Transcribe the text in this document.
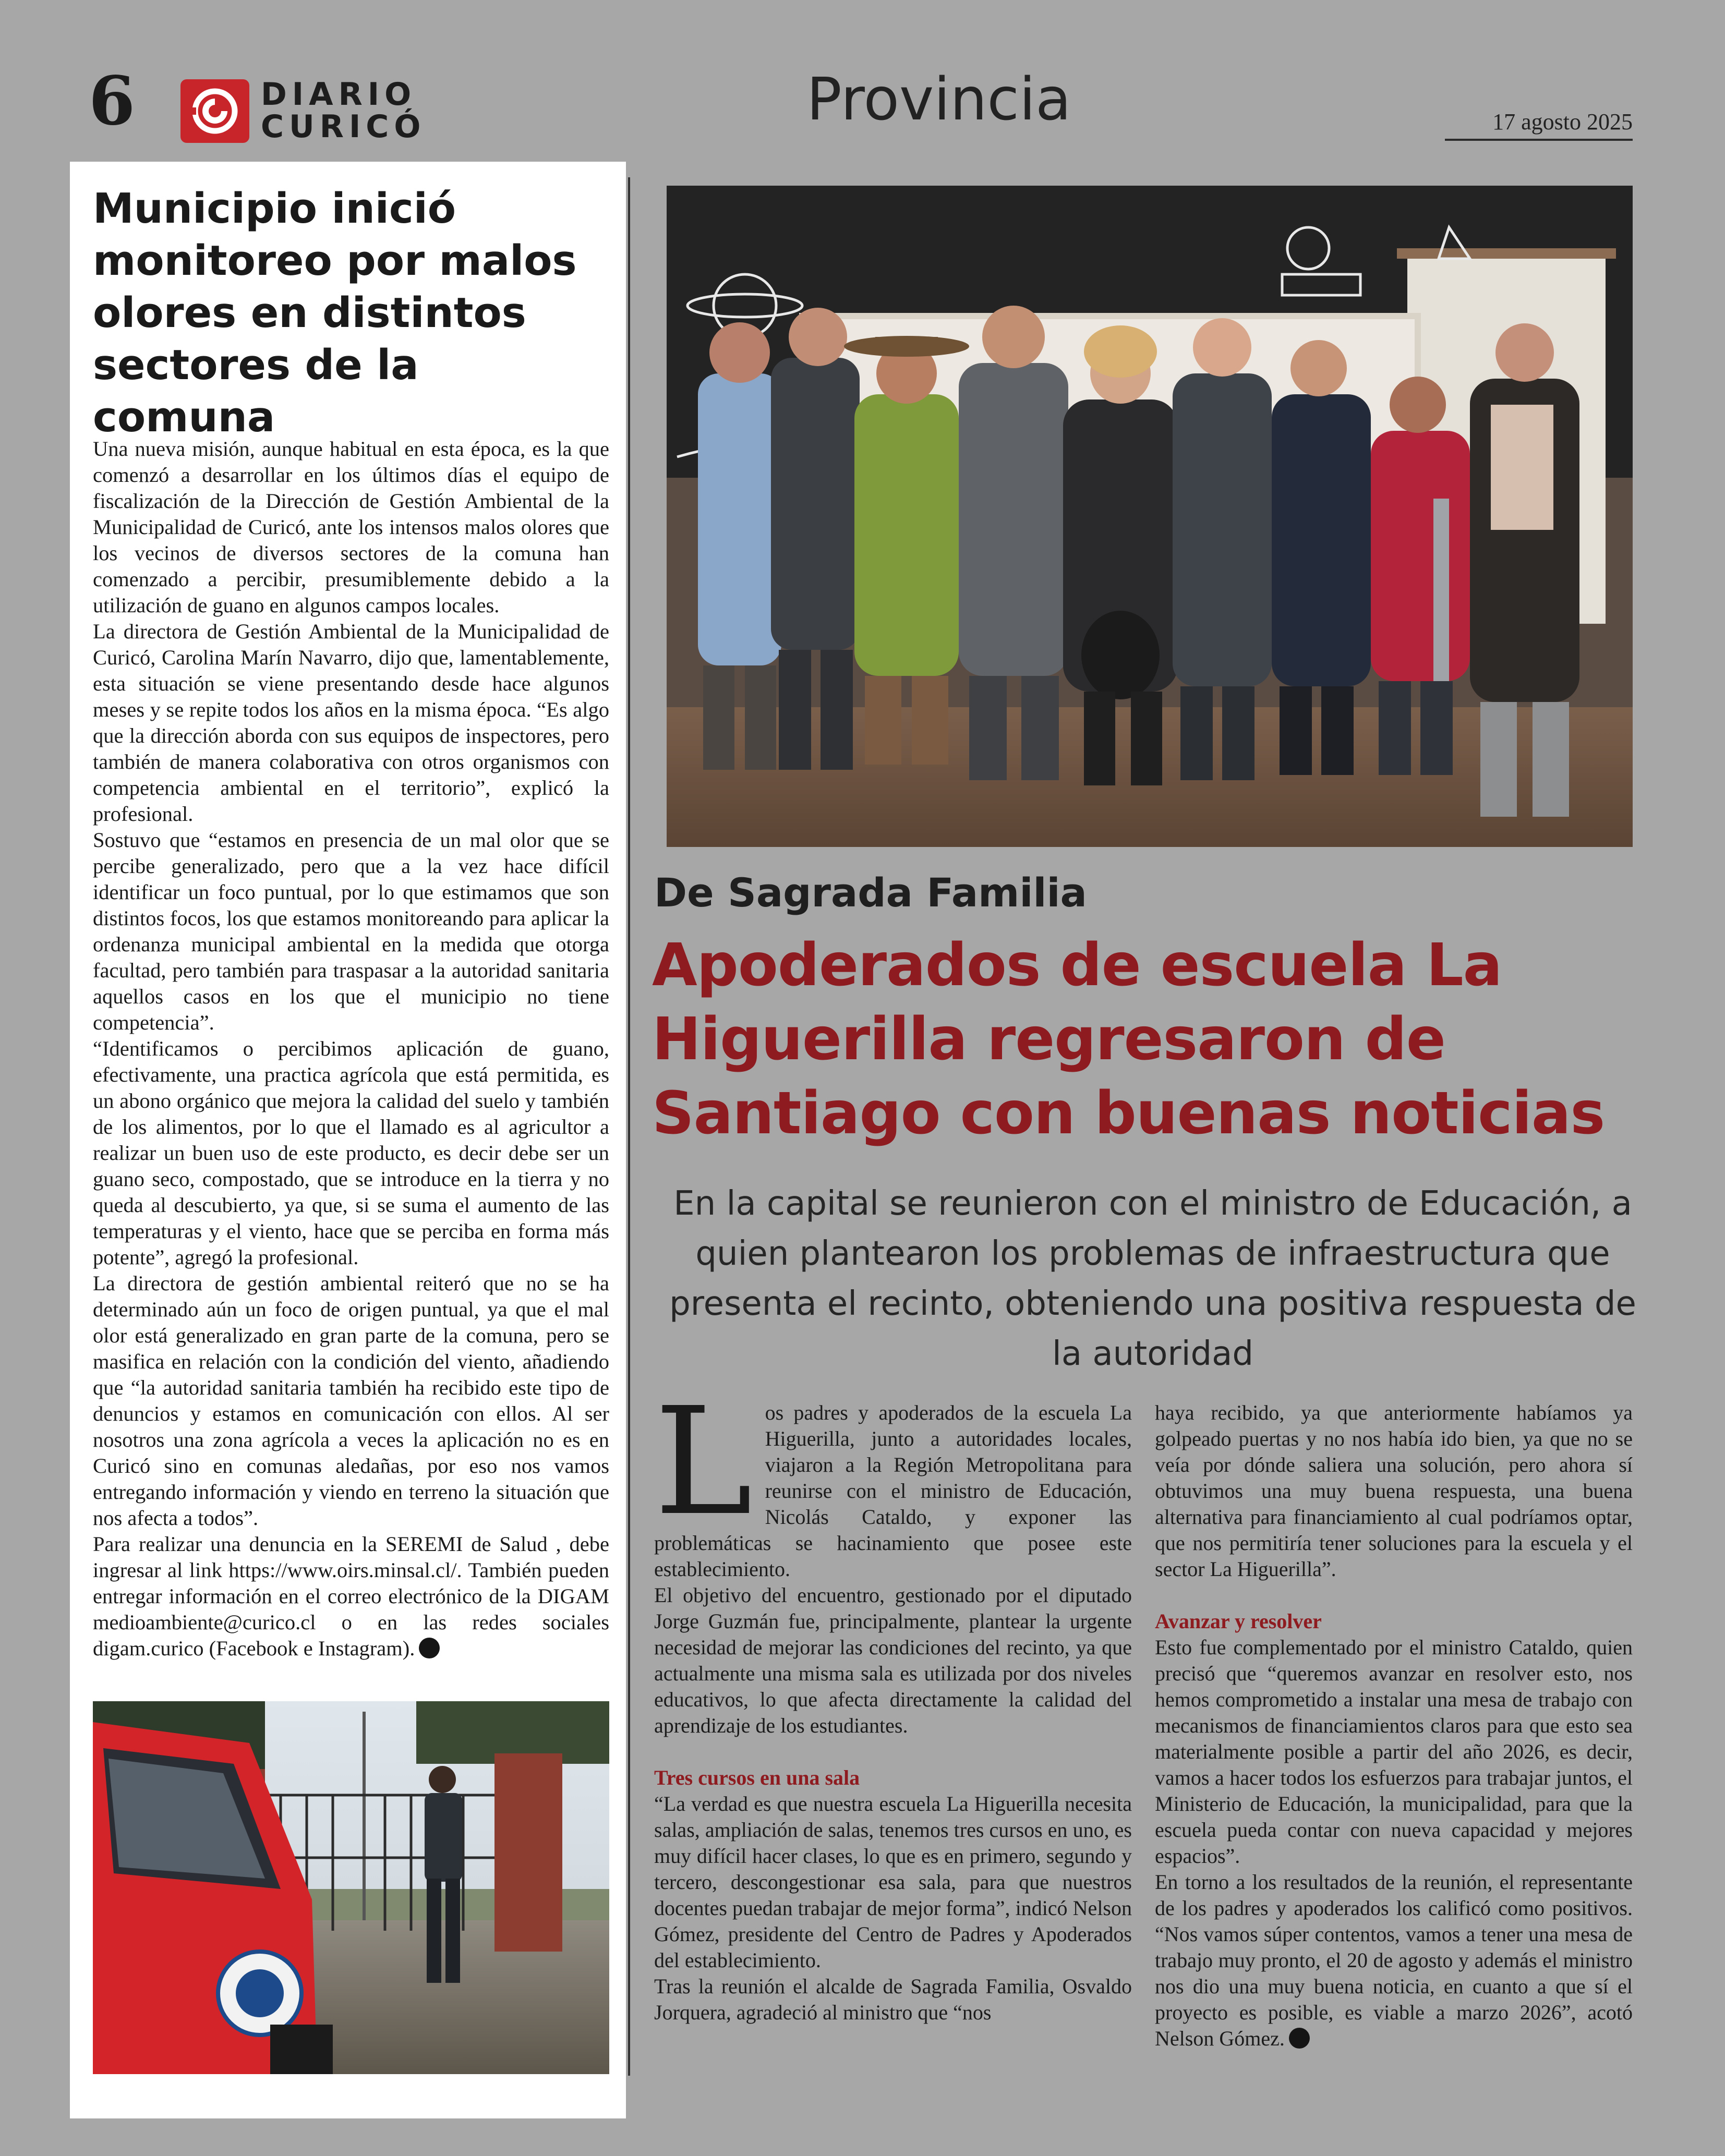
6	DIARIO
CURICÓ	Provincia	17 agosto 2025
Municipio inició monitoreo por malos olores en distintos sectores de la comuna

Una nueva misión, aunque habitual en esta época, es la que comenzó a desarrollar en los últimos días el equipo de fiscalización de la Dirección de Gestión Ambiental de la Municipalidad de Curicó, ante los intensos malos olores que los vecinos de diversos sectores de la comuna han comenzado a percibir, presumiblemente debido a la utilización de guano en algunos campos locales.

La directora de Gestión Ambiental de la Municipalidad de Curicó, Carolina Marín Navarro, dijo que, lamentablemente, esta situación se viene presentando desde hace algunos meses y se repite todos los años en la misma época. “Es algo que la dirección aborda con sus equipos de inspectores, pero también de manera colaborativa con otros organismos con competencia ambiental en el territorio”, explicó la profesional.

Sostuvo que “estamos en presencia de un mal olor que se percibe generalizado, pero que a la vez hace difícil identificar un foco puntual, por lo que estimamos que son distintos focos, los que estamos monitoreando para aplicar la ordenanza municipal ambiental en la medida que otorga facultad, pero también para traspasar a la autoridad sanitaria aquellos casos en los que el municipio no tiene competencia”.

“Identificamos o percibimos aplicación de guano, efectivamente, una practica agrícola que está permitida, es un abono orgánico que mejora la calidad del suelo y también de los alimentos, por lo que el llamado es al agricultor a realizar un buen uso de este producto, es decir debe ser un guano seco, compostado, que se introduce en la tierra y no queda al descubierto, ya que, si se suma el aumento de las temperaturas y el viento, hace que se perciba en forma más potente”, agregó la profesional.

La directora de gestión ambiental reiteró que no se ha determinado aún un foco de origen puntual, ya que el mal olor está generalizado en gran parte de la comuna, pero se masifica en relación con la condición del viento, añadiendo que “la autoridad sanitaria también ha recibido este tipo de denuncios y estamos en comunicación con ellos. Al ser nosotros una zona agrícola a veces la aplicación no es en Curicó sino en comunas aledañas, por eso nos vamos entregando información y viendo en terreno la situación que nos afecta a todos”.

Para realizar una denuncia en la SEREMI de Salud , debe ingresar al link https://www.oirs.minsal.cl/. También pueden entregar información en el correo electrónico de la DIGAM medioambiente@curico.cl o en las redes sociales digam.curico (Facebook e Instagram).

De Sagrada Familia
Apoderados de escuela La Higuerilla regresaron de Santiago con buenas noticias
En la capital se reunieron con el ministro de Educación, a quien plantearon los problemas de infraestructura que presenta el recinto, obteniendo una positiva respuesta de la autoridad
L os padres y apoderados de la escuela La Higuerilla, junto a autoridades locales, viajaron a la Región Metropolitana para reunirse con el ministro de Educación, Nicolás Cataldo, y exponer las problemáticas se hacinamiento que posee este establecimiento.

El objetivo del encuentro, gestionado por el diputado Jorge Guzmán fue, principalmente, plantear la urgente necesidad de mejorar las condiciones del recinto, ya que actualmente una misma sala es utilizada por dos niveles educativos, lo que afecta directamente la calidad del aprendizaje de los estudiantes.

Tres cursos en una sala

“La verdad es que nuestra escuela La Higuerilla necesita salas, ampliación de salas, tenemos tres cursos en uno, es muy difícil hacer clases, lo que es en primero, segundo y tercero, descongestionar esa sala, para que nuestros docentes puedan trabajar de mejor forma”, indicó Nelson Gómez, presidente del Centro de Padres y Apoderados del establecimiento.

Tras la reunión el alcalde de Sagrada Familia, Osvaldo Jorquera, agradeció al ministro que “nos

haya recibido, ya que anteriormente habíamos ya golpeado puertas y no nos había ido bien, ya que no se veía por dónde saliera una solución, pero ahora sí obtuvimos una muy buena respuesta, una buena alternativa para financiamiento al cual podríamos optar, que nos permitiría tener soluciones para la escuela y el sector La Higuerilla”.

Avanzar y resolver

Esto fue complementado por el ministro Cataldo, quien precisó que “queremos avanzar en resolver esto, nos hemos comprometido a instalar una mesa de trabajo con mecanismos de financiamientos claros para que esto sea materialmente posible a partir del año 2026, es decir, vamos a hacer todos los esfuerzos para trabajar juntos, el Ministerio de Educación, la municipalidad, para que la escuela pueda contar con nueva capacidad y mejores espacios”.

En torno a los resultados de la reunión, el representante de los padres y apoderados los calificó como positivos. “Nos vamos súper contentos, vamos a tener una mesa de trabajo muy pronto, el 20 de agosto y además el ministro nos dio una muy buena noticia, en cuanto a que sí el proyecto es posible, es viable a marzo 2026”, acotó Nelson Gómez.
